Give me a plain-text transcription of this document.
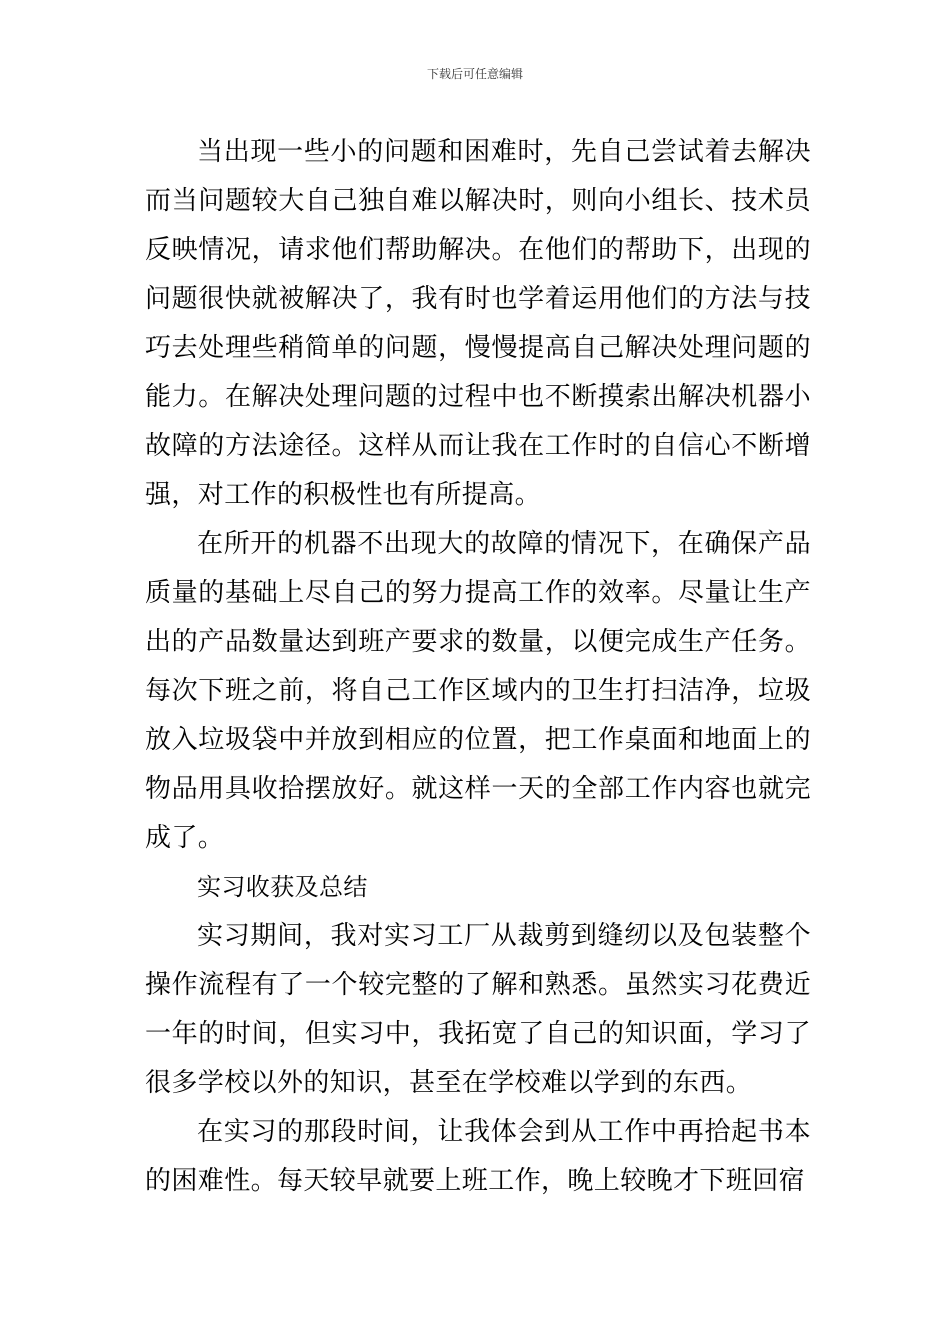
下载后可任意编辑

当出现一些小的问题和困难时，先自己尝试着去解决而当问题较大自己独自难以解决时，则向小组长、技术员反映情况，请求他们帮助解决。在他们的帮助下，出现的问题很快就被解决了，我有时也学着运用他们的方法与技巧去处理些稍简单的问题，慢慢提高自己解决处理问题的能力。在解决处理问题的过程中也不断摸索出解决机器小故障的方法途径。这样从而让我在工作时的自信心不断增强，对工作的积极性也有所提高。

在所开的机器不出现大的故障的情况下，在确保产品质量的基础上尽自己的努力提高工作的效率。尽量让生产出的产品数量达到班产要求的数量，以便完成生产任务。每次下班之前，将自己工作区域内的卫生打扫洁净，垃圾放入垃圾袋中并放到相应的位置，把工作桌面和地面上的物品用具收拾摆放好。就这样一天的全部工作内容也就完成了。

实习收获及总结

实习期间，我对实习工厂从裁剪到缝纫以及包装整个操作流程有了一个较完整的了解和熟悉。虽然实习花费近一年的时间，但实习中，我拓宽了自己的知识面，学习了很多学校以外的知识，甚至在学校难以学到的东西。

在实习的那段时间，让我体会到从工作中再拾起书本的困难性。每天较早就要上班工作，晚上较晚才下班回宿
